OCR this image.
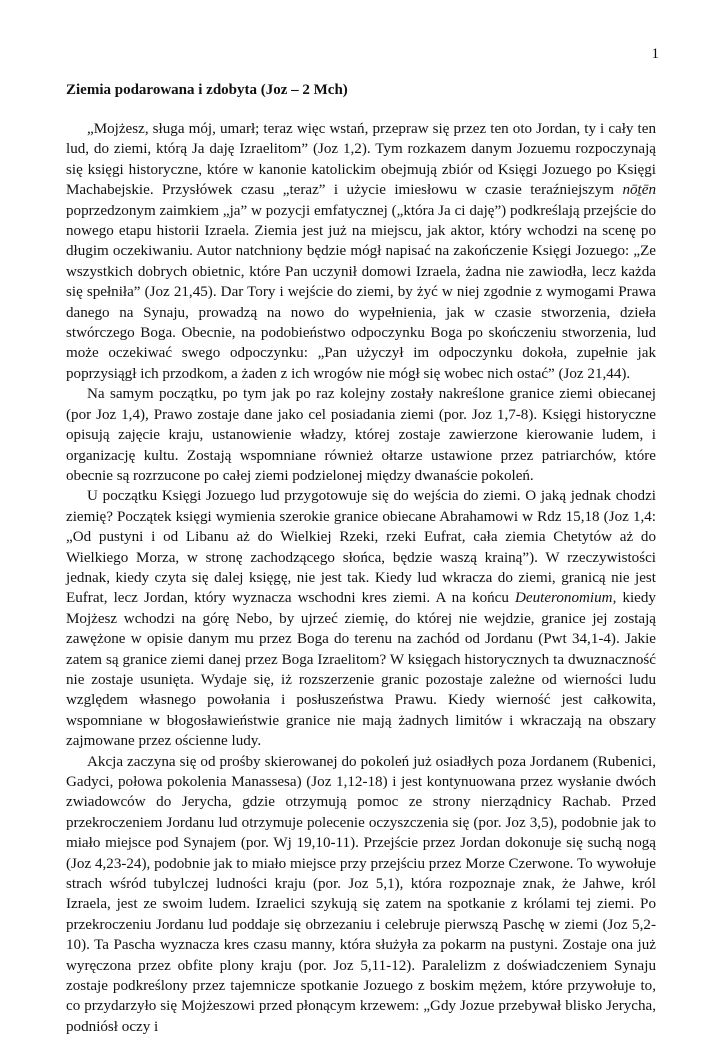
1
Ziemia podarowana i zdobyta (Joz – 2 Mch)

„Mojżesz, sługa mój, umarł; teraz więc wstań, przepraw się przez ten oto Jordan, ty i cały ten lud, do ziemi, którą Ja daję Izraelitom” (Joz 1,2). Tym rozkazem danym Jozuemu rozpoczynają się księgi historyczne, które w kanonie katolickim obejmują zbiór od Księgi Jozuego po Księgi Machabejskie. Przysłówek czasu „teraz” i użycie imiesłowu w czasie teraźniejszym nōṯēn poprzedzonym zaimkiem „ja” w pozycji emfatycznej („która Ja ci daję”) podkreślają przejście do nowego etapu historii Izraela. Ziemia jest już na miejscu, jak aktor, który wchodzi na scenę po długim oczekiwaniu. Autor natchniony będzie mógł napisać na zakończenie Księgi Jozuego: „Ze wszystkich dobrych obietnic, które Pan uczynił domowi Izraela, żadna nie zawiodła, lecz każda się spełniła” (Joz 21,45). Dar Tory i wejście do ziemi, by żyć w niej zgodnie z wymogami Prawa danego na Synaju, prowadzą na nowo do wypełnienia, jak w czasie stworzenia, dzieła stwórczego Boga. Obecnie, na podobieństwo odpoczynku Boga po skończeniu stworzenia, lud może oczekiwać swego odpoczynku: „Pan użyczył im odpoczynku dokoła, zupełnie jak poprzysiągł ich przodkom, a żaden z ich wrogów nie mógł się wobec nich ostać” (Joz 21,44).

Na samym początku, po tym jak po raz kolejny zostały nakreślone granice ziemi obiecanej (por Joz 1,4), Prawo zostaje dane jako cel posiadania ziemi (por. Joz 1,7-8). Księgi historyczne opisują zajęcie kraju, ustanowienie władzy, której zostaje zawierzone kierowanie ludem, i organizację kultu. Zostają wspomniane również ołtarze ustawione przez patriarchów, które obecnie są rozrzucone po całej ziemi podzielonej między dwanaście pokoleń.

U początku Księgi Jozuego lud przygotowuje się do wejścia do ziemi. O jaką jednak chodzi ziemię? Początek księgi wymienia szerokie granice obiecane Abrahamowi w Rdz 15,18 (Joz 1,4: „Od pustyni i od Libanu aż do Wielkiej Rzeki, rzeki Eufrat, cała ziemia Chetytów aż do Wielkiego Morza, w stronę zachodzącego słońca, będzie waszą krainą”). W rzeczywistości jednak, kiedy czyta się dalej księgę, nie jest tak. Kiedy lud wkracza do ziemi, granicą nie jest Eufrat, lecz Jordan, który wyznacza wschodni kres ziemi. A na końcu Deuteronomium, kiedy Mojżesz wchodzi na górę Nebo, by ujrzeć ziemię, do której nie wejdzie, granice jej zostają zawężone w opisie danym mu przez Boga do terenu na zachód od Jordanu (Pwt 34,1-4). Jakie zatem są granice ziemi danej przez Boga Izraelitom? W księgach historycznych ta dwuznaczność nie zostaje usunięta. Wydaje się, iż rozszerzenie granic pozostaje zależne od wierności ludu względem własnego powołania i posłuszeństwa Prawu. Kiedy wierność jest całkowita, wspomniane w błogosławieństwie granice nie mają żadnych limitów i wkraczają na obszary zajmowane przez ościenne ludy.

Akcja zaczyna się od prośby skierowanej do pokoleń już osiadłych poza Jordanem (Rubenici, Gadyci, połowa pokolenia Manassesa) (Joz 1,12-18) i jest kontynuowana przez wysłanie dwóch zwiadowców do Jerycha, gdzie otrzymują pomoc ze strony nierządnicy Rachab. Przed przekroczeniem Jordanu lud otrzymuje polecenie oczyszczenia się (por. Joz 3,5), podobnie jak to miało miejsce pod Synajem (por. Wj 19,10-11). Przejście przez Jordan dokonuje się suchą nogą (Joz 4,23-24), podobnie jak to miało miejsce przy przejściu przez Morze Czerwone. To wywołuje strach wśród tubylczej ludności kraju (por. Joz 5,1), która rozpoznaje znak, że Jahwe, król Izraela, jest ze swoim ludem. Izraelici szykują się zatem na spotkanie z królami tej ziemi. Po przekroczeniu Jordanu lud poddaje się obrzezaniu i celebruje pierwszą Paschę w ziemi (Joz 5,2-10). Ta Pascha wyznacza kres czasu manny, która służyła za pokarm na pustyni. Zostaje ona już wyręczona przez obfite plony kraju (por. Joz 5,11-12). Paralelizm z doświadczeniem Synaju zostaje podkreślony przez tajemnicze spotkanie Jozuego z boskim mężem, które przywołuje to, co przydarzyło się Mojżeszowi przed płonącym krzewem: „Gdy Jozue przebywał blisko Jerycha, podniósł oczy i
